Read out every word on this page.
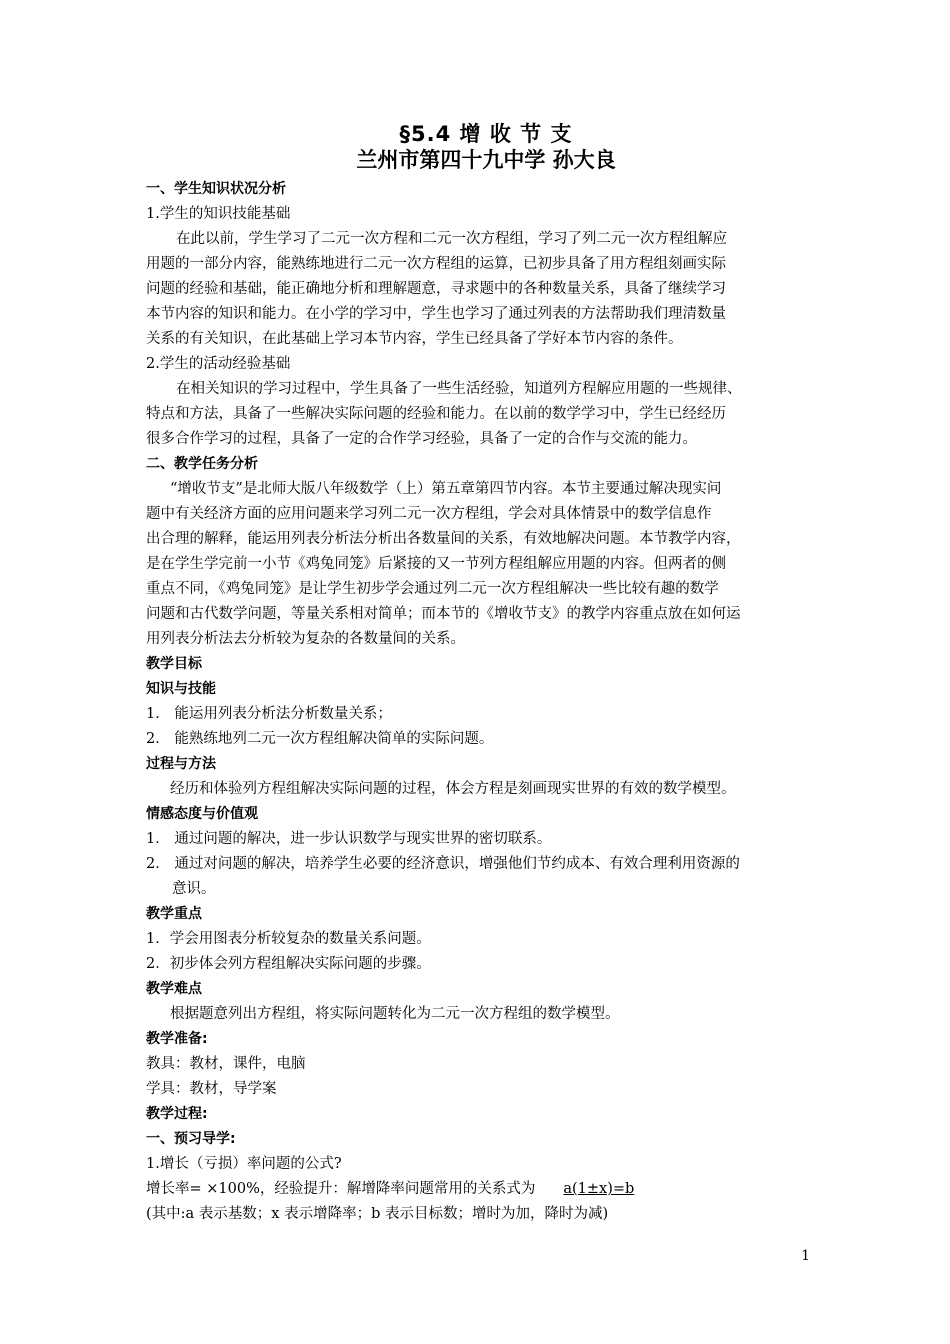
§5.4 增 收 节 支

兰州市第四十九中学 孙大良

一、学生知识状况分析

1.学生的知识技能基础

在此以前，学生学习了二元一次方程和二元一次方程组，学习了列二元一次方程组解应
用题的一部分内容，能熟练地进行二元一次方程组的运算，已初步具备了用方程组刻画实际
问题的经验和基础，能正确地分析和理解题意，寻求题中的各种数量关系，具备了继续学习
本节内容的知识和能力。在小学的学习中，学生也学习了通过列表的方法帮助我们理清数量
关系的有关知识，在此基础上学习本节内容，学生已经具备了学好本节内容的条件。

2.学生的活动经验基础

在相关知识的学习过程中，学生具备了一些生活经验，知道列方程解应用题的一些规律、
特点和方法，具备了一些解决实际问题的经验和能力。在以前的数学学习中，学生已经经历
很多合作学习的过程，具备了一定的合作学习经验，具备了一定的合作与交流的能力。

二、教学任务分析

“增收节支”是北师大版八年级数学（上）第五章第四节内容。本节主要通过解决现实问
题中有关经济方面的应用问题来学习列二元一次方程组，学会对具体情景中的数学信息作
出合理的解释，能运用列表分析法分析出各数量间的关系，有效地解决问题。本节教学内容，
是在学生学完前一小节《鸡兔同笼》后紧接的又一节列方程组解应用题的内容。但两者的侧
重点不同，《鸡兔同笼》是让学生初步学会通过列二元一次方程组解决一些比较有趣的数学
问题和古代数学问题，等量关系相对简单；而本节的《增收节支》的教学内容重点放在如何运
用列表分析法去分析较为复杂的各数量间的关系。

教学目标

知识与技能

1． 能运用列表分析法分析数量关系；

2． 能熟练地列二元一次方程组解决简单的实际问题。

过程与方法

经历和体验列方程组解决实际问题的过程，体会方程是刻画现实世界的有效的数学模型。

情感态度与价值观

1． 通过问题的解决，进一步认识数学与现实世界的密切联系。

2． 通过对问题的解决，培养学生必要的经济意识，增强他们节约成本、有效合理利用资源的

意识。

教学重点

1．学会用图表分析较复杂的数量关系问题。

2．初步体会列方程组解决实际问题的步骤。

教学难点

根据题意列出方程组，将实际问题转化为二元一次方程组的数学模型。

教学准备:

教具：教材，课件，电脑

学具：教材，导学案

教学过程:

一、预习导学:

1.增长（亏损）率问题的公式?

增长率= ×100%，经验提升：解增降率问题常用的关系式为 a(1±x)=b

(其中:a 表示基数；x 表示增降率；b 表示目标数；增时为加，降时为减)

1
